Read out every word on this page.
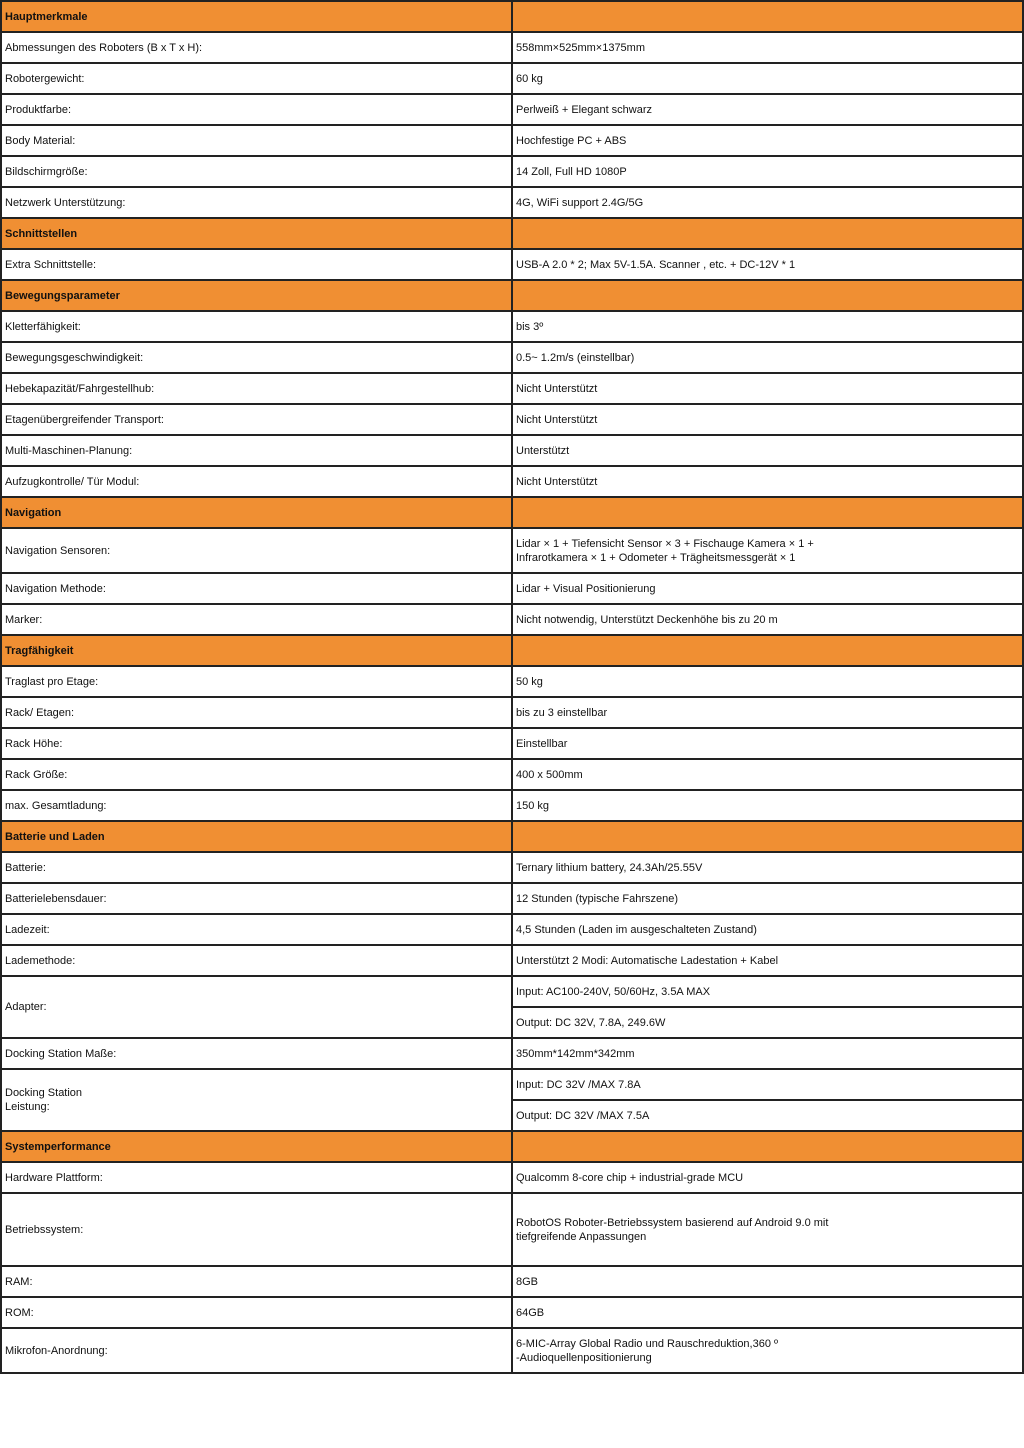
Hauptmerkmale	
Abmessungen des Roboters (B x T x H):	558mm×525mm×1375mm
Robotergewicht:	60 kg
Produktfarbe:	Perlweiß + Elegant schwarz
Body Material:	Hochfestige PC + ABS
Bildschirmgröße:	14 Zoll, Full HD 1080P
Netzwerk Unterstützung:	4G, WiFi support 2.4G/5G
Schnittstellen	
Extra Schnittstelle:	USB-A 2.0 * 2; Max 5V-1.5A. Scanner , etc. + DC-12V * 1
Bewegungsparameter	
Kletterfähigkeit:	bis 3º
Bewegungsgeschwindigkeit:	0.5~ 1.2m/s (einstellbar)
Hebekapazität/Fahrgestellhub:	Nicht Unterstützt
Etagenübergreifender Transport:	Nicht Unterstützt
Multi-Maschinen-Planung:	Unterstützt
Aufzugkontrolle/ Tür Modul:	Nicht Unterstützt
Navigation	
Navigation Sensoren:	Lidar × 1 + Tiefensicht Sensor × 3 + Fischauge Kamera × 1 +
Infrarotkamera × 1 + Odometer + Trägheitsmessgerät × 1
Navigation Methode:	Lidar + Visual Positionierung
Marker:	Nicht notwendig, Unterstützt Deckenhöhe bis zu 20 m
Tragfähigkeit	
Traglast pro Etage:	50 kg
Rack/ Etagen:	bis zu 3 einstellbar
Rack Höhe:	Einstellbar
Rack Größe:	400 x 500mm
max. Gesamtladung:	150 kg
Batterie und Laden	
Batterie:	Ternary lithium battery, 24.3Ah/25.55V
Batterielebensdauer:	12 Stunden (typische Fahrszene)
Ladezeit:	4,5 Stunden (Laden im ausgeschalteten Zustand)
Lademethode:	Unterstützt 2 Modi: Automatische Ladestation + Kabel
Adapter:	Input: AC100-240V, 50/60Hz, 3.5A MAX
	Output: DC 32V, 7.8A, 249.6W
Docking Station Maße:	350mm*142mm*342mm
Docking Station
Leistung:	Input: DC 32V /MAX 7.8A
	Output: DC 32V /MAX 7.5A
Systemperformance	
Hardware Plattform:	Qualcomm 8-core chip + industrial-grade MCU
Betriebssystem:	RobotOS Roboter-Betriebssystem basierend auf Android 9.0 mit
tiefgreifende Anpassungen
RAM:	8GB
ROM:	64GB
Mikrofon-Anordnung:	6-MIC-Array Global Radio und Rauschreduktion,360 º
-Audioquellenpositionierung
